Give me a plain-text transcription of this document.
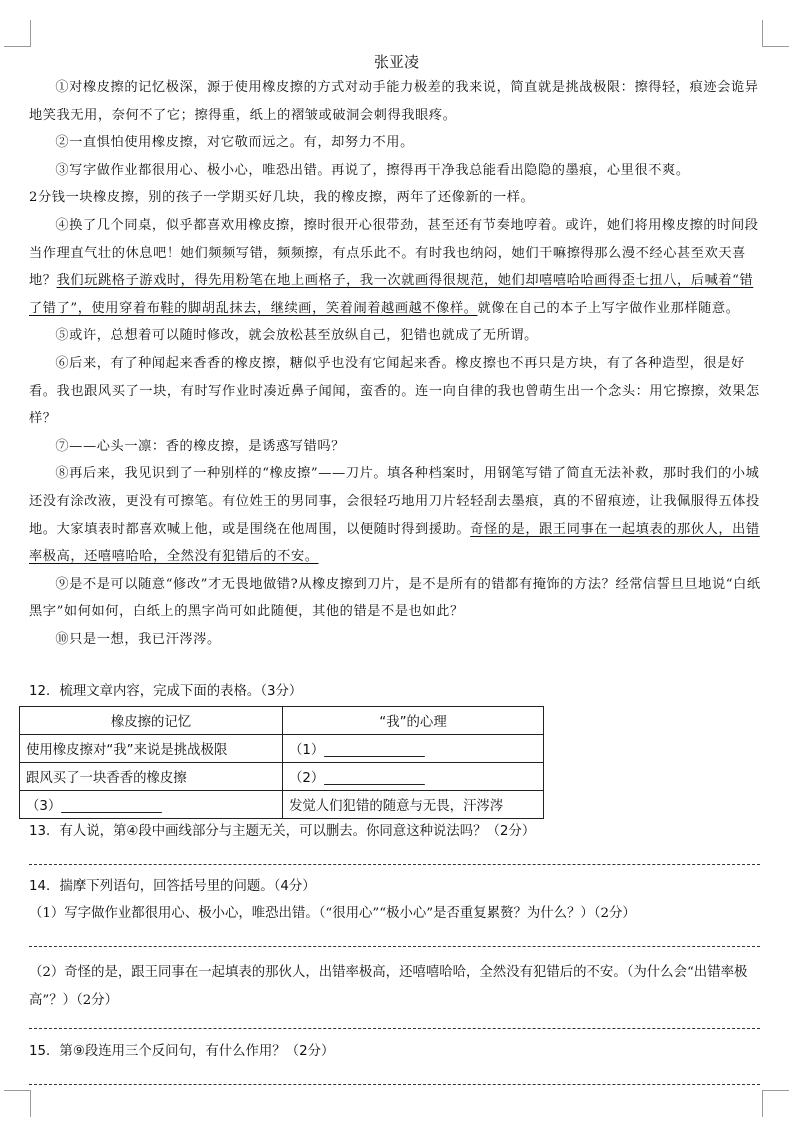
张亚凌

①对橡皮擦的记忆极深，源于使用橡皮擦的方式对动手能力极差的我来说，简直就是挑战极限：擦得轻，痕迹会诡异地笑我无用，奈何不了它；擦得重，纸上的褶皱或破洞会刺得我眼疼。

②一直惧怕使用橡皮擦，对它敬而远之。有，却努力不用。

③写字做作业都很用心、极小心，唯恐出错。再说了，擦得再干净我总能看出隐隐的墨痕，心里很不爽。

2分钱一块橡皮擦，别的孩子一学期买好几块，我的橡皮擦，两年了还像新的一样。

④换了几个同桌，似乎都喜欢用橡皮擦，擦时很开心很带劲，甚至还有节奏地哼着。或许，她们将用橡皮擦的时间段当作理直气壮的休息吧！她们频频写错，频频擦，有点乐此不。有时我也纳闷，她们干嘛擦得那么漫不经心甚至欢天喜地？我们玩跳格子游戏时，得先用粉笔在地上画格子，我一次就画得很规范，她们却嘻嘻哈哈画得歪七扭八，后喊着“错了错了”，使用穿着布鞋的脚胡乱抹去，继续画，笑着闹着越画越不像样。就像在自己的本子上写字做作业那样随意。

⑤或许，总想着可以随时修改，就会放松甚至放纵自己，犯错也就成了无所谓。

⑥后来，有了种闻起来香香的橡皮擦，糖似乎也没有它闻起来香。橡皮擦也不再只是方块，有了各种造型，很是好看。我也跟风买了一块，有时写作业时凑近鼻子闻闻，蛮香的。连一向自律的我也曾萌生出一个念头：用它擦擦，效果怎样？

⑦——心头一凛：香的橡皮擦，是诱惑写错吗？

⑧再后来，我见识到了一种别样的“橡皮擦”——刀片。填各种档案时，用钢笔写错了简直无法补救，那时我们的小城还没有涂改液，更没有可擦笔。有位姓王的男同事，会很轻巧地用刀片轻轻刮去墨痕，真的不留痕迹，让我佩服得五体投地。大家填表时都喜欢喊上他，或是围绕在他周围，以便随时得到援助。奇怪的是，跟王同事在一起填表的那伙人，出错率极高，还嘻嘻哈哈，全然没有犯错后的不安。

⑨是不是可以随意“修改”才无畏地做错?从橡皮擦到刀片，是不是所有的错都有掩饰的方法？经常信誓旦旦地说“白纸黑字”如何如何，白纸上的黑字尚可如此随便，其他的错是不是也如此？

⑩只是一想，我已汗涔涔。

12．梳理文章内容，完成下面的表格。（3分）
橡皮擦的记忆	“我”的心理
使用橡皮擦对“我”来说是挑战极限	（1）_______________
跟风买了一块香香的橡皮擦	（2）_______________
（3）_______________	发觉人们犯错的随意与无畏，汗涔涔
13．有人说，第④段中画线部分与主题无关，可以删去。你同意这种说法吗？（2分）
14．揣摩下列语句，回答括号里的问题。（4分）
（1）写字做作业都很用心、极小心，唯恐出错。（“很用心”“极小心”是否重复累赘？为什么？）（2分）
（2）奇怪的是，跟王同事在一起填表的那伙人，出错率极高，还嘻嘻哈哈，全然没有犯错后的不安。（为什么会“出错率极高”？）（2分）
15．第⑨段连用三个反问句，有什么作用？（2分）
